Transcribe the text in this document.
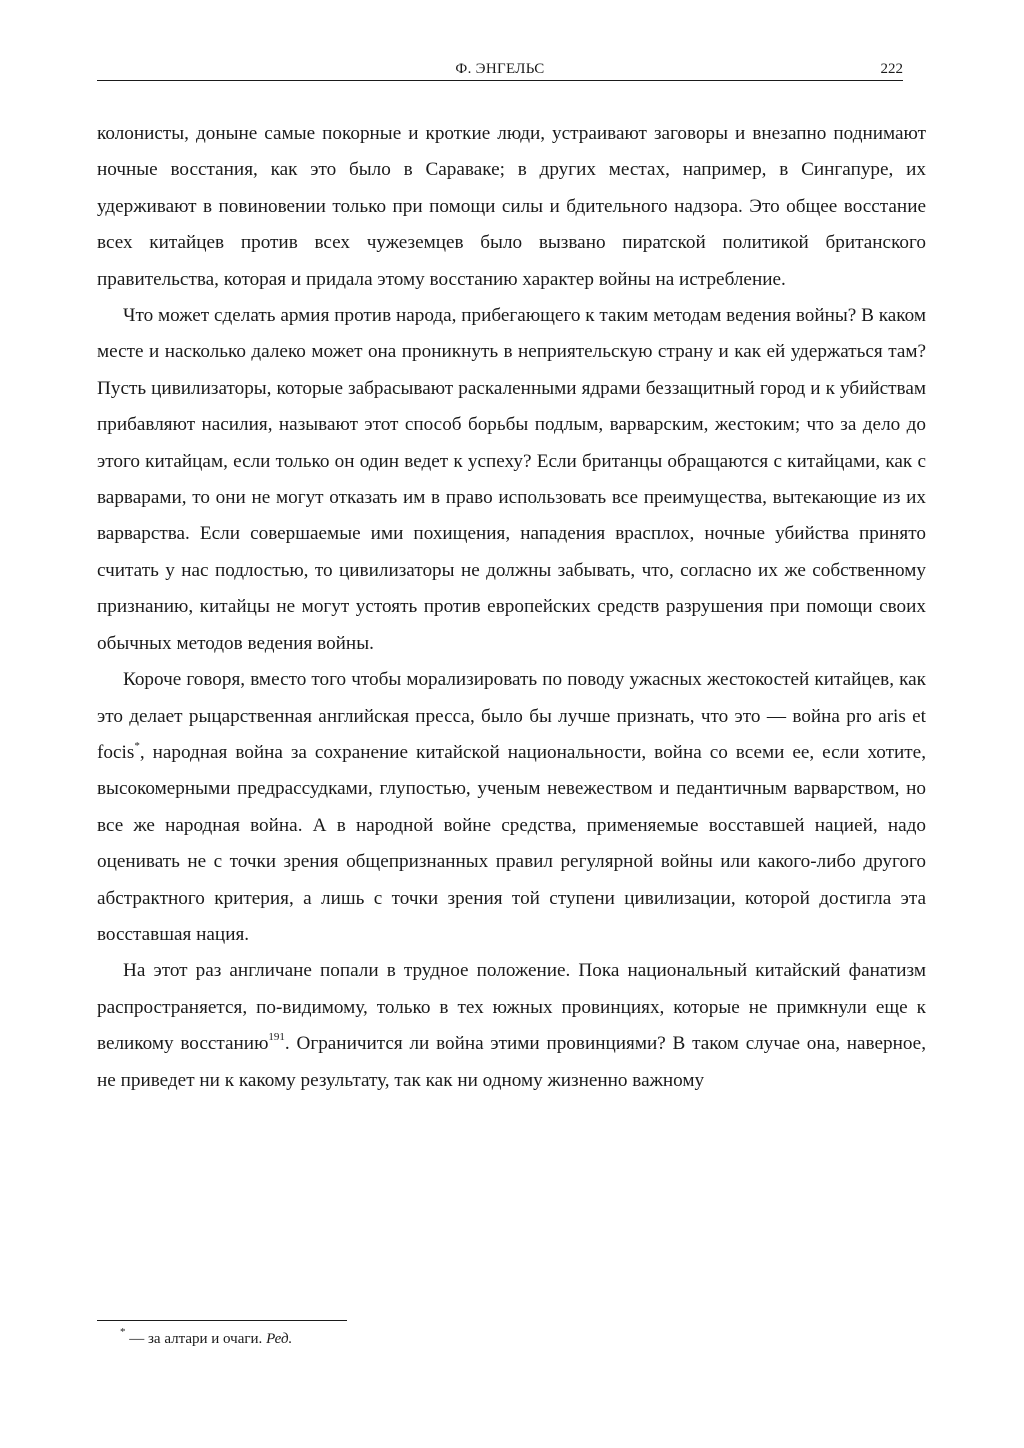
Ф. ЭНГЕЛЬС	222

колонисты, доныне самые покорные и кроткие люди, устраивают заговоры и внезапно поднимают ночные восстания, как это было в Сараваке; в других местах, например, в Сингапуре, их удерживают в повиновении только при помощи силы и бдительного надзора. Это общее восстание всех китайцев против всех чужеземцев было вызвано пиратской политикой британского правительства, которая и придала этому восстанию характер войны на истребление.

Что может сделать армия против народа, прибегающего к таким методам ведения войны? В каком месте и насколько далеко может она проникнуть в неприятельскую страну и как ей удержаться там? Пусть цивилизаторы, которые забрасывают раскаленными ядрами беззащитный город и к убийствам прибавляют насилия, называют этот способ борьбы подлым, варварским, жестоким; что за дело до этого китайцам, если только он один ведет к успеху? Если британцы обращаются с китайцами, как с варварами, то они не могут отказать им в право использовать все преимущества, вытекающие из их варварства. Если совершаемые ими похищения, нападения врасплох, ночные убийства принято считать у нас подлостью, то цивилизаторы не должны забывать, что, согласно их же собственному признанию, китайцы не могут устоять против европейских средств разрушения при помощи своих обычных методов ведения войны.

Короче говоря, вместо того чтобы морализировать по поводу ужасных жестокостей китайцев, как это делает рыцарственная английская пресса, было бы лучше признать, что это — война pro aris et focis*, народная война за сохранение китайской национальности, война со всеми ее, если хотите, высокомерными предрассудками, глупостью, ученым невежеством и педантичным варварством, но все же народная война. А в народной войне средства, применяемые восставшей нацией, надо оценивать не с точки зрения общепризнанных правил регулярной войны или какого-либо другого абстрактного критерия, а лишь с точки зрения той ступени цивилизации, которой достигла эта восставшая нация.

На этот раз англичане попали в трудное положение. Пока национальный китайский фанатизм распространяется, по-видимому, только в тех южных провинциях, которые не примкнули еще к великому восстанию$^{191}$. Ограничится ли война этими провинциями? В таком случае она, наверное, не приведет ни к какому результату, так как ни одному жизненно важному

* — за алтари и очаги. Ред.
